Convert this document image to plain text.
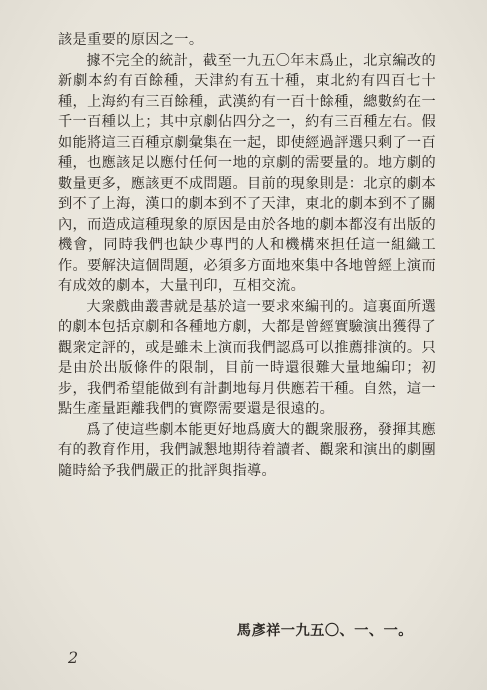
該是重要的原因之一。

據不完全的統計，截至一九五〇年末爲止，北京編改的新劇本約有百餘種，天津約有五十種，東北約有四百七十種，上海約有三百餘種，武漢約有一百十餘種，總數約在一千一百種以上；其中京劇佔四分之一，約有三百種左右。假如能將這三百種京劇彙集在一起，即使經過評選只剩了一百種，也應該足以應付任何一地的京劇的需要量的。地方劇的數量更多，應該更不成問題。目前的現象則是：北京的劇本到不了上海，漢口的劇本到不了天津，東北的劇本到不了關內，而造成這種現象的原因是由於各地的劇本都沒有出版的機會，同時我們也缺少專門的人和機構來担任這一組織工作。要解決這個問題，必須多方面地來集中各地曾經上演而有成效的劇本，大量刊印，互相交流。

大衆戲曲叢書就是基於這一要求來編刊的。這裏面所選的劇本包括京劇和各種地方劇，大都是曾經實驗演出獲得了觀衆定評的，或是雖未上演而我們認爲可以推薦排演的。只是由於出版條件的限制，目前一時還很難大量地編印；初步，我們希望能做到有計劃地每月供應若干種。自然，這一點生產量距離我們的實際需要還是很遠的。

爲了使這些劇本能更好地爲廣大的觀衆服務，發揮其應有的教育作用，我們誠懇地期待着讀者、觀衆和演出的劇團隨時給予我們嚴正的批評與指導。

馬彥祥一九五〇、一、一。
2
